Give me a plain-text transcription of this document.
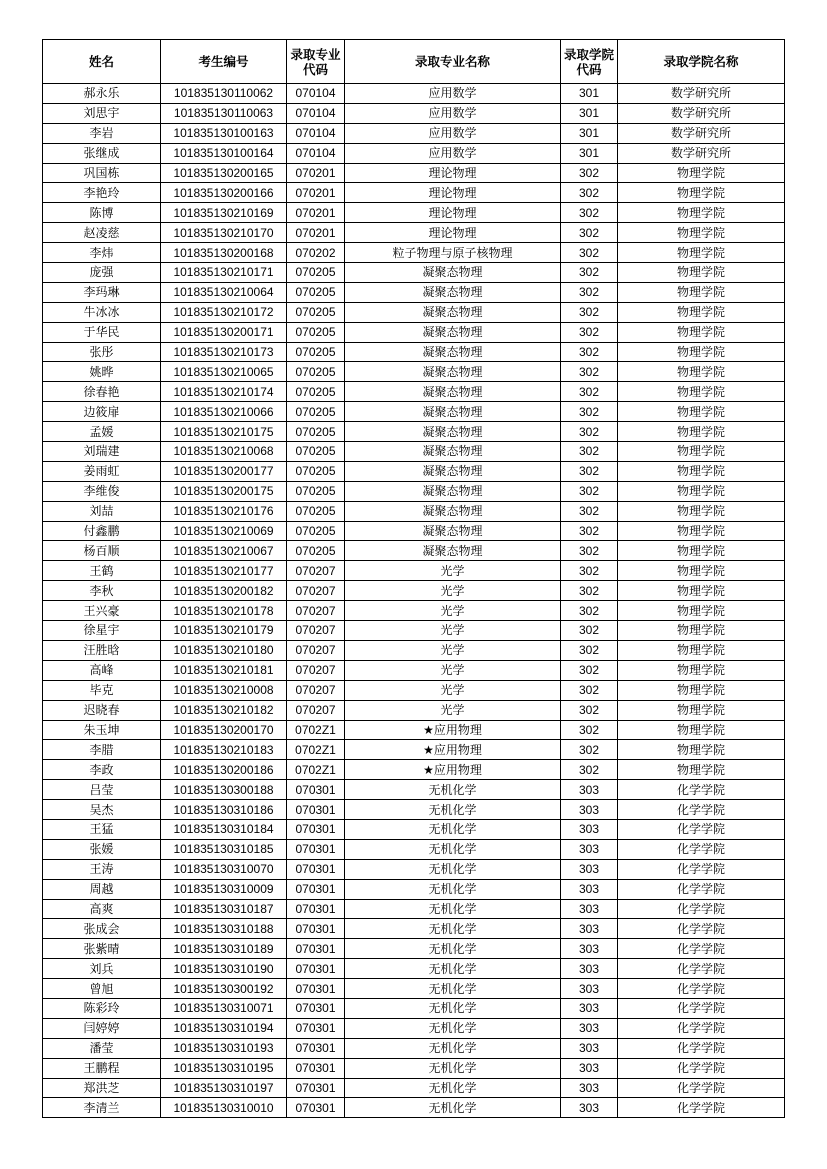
姓名	考生编号	录取专业代码	录取专业名称	录取学院代码	录取学院名称
郝永乐	101835130110062	070104	应用数学	301	数学研究所
刘思宇	101835130110063	070104	应用数学	301	数学研究所
李岩	101835130100163	070104	应用数学	301	数学研究所
张继成	101835130100164	070104	应用数学	301	数学研究所
巩国栋	101835130200165	070201	理论物理	302	物理学院
李艳玲	101835130200166	070201	理论物理	302	物理学院
陈博	101835130210169	070201	理论物理	302	物理学院
赵凌慈	101835130210170	070201	理论物理	302	物理学院
李炜	101835130200168	070202	粒子物理与原子核物理	302	物理学院
庞强	101835130210171	070205	凝聚态物理	302	物理学院
李玛琳	101835130210064	070205	凝聚态物理	302	物理学院
牛冰冰	101835130210172	070205	凝聚态物理	302	物理学院
于华民	101835130200171	070205	凝聚态物理	302	物理学院
张彤	101835130210173	070205	凝聚态物理	302	物理学院
姚晔	101835130210065	070205	凝聚态物理	302	物理学院
徐春艳	101835130210174	070205	凝聚态物理	302	物理学院
边筱扉	101835130210066	070205	凝聚态物理	302	物理学院
孟媛	101835130210175	070205	凝聚态物理	302	物理学院
刘瑞建	101835130210068	070205	凝聚态物理	302	物理学院
姜雨虹	101835130200177	070205	凝聚态物理	302	物理学院
李维俊	101835130200175	070205	凝聚态物理	302	物理学院
刘喆	101835130210176	070205	凝聚态物理	302	物理学院
付鑫鹏	101835130210069	070205	凝聚态物理	302	物理学院
杨百顺	101835130210067	070205	凝聚态物理	302	物理学院
王鹤	101835130210177	070207	光学	302	物理学院
李秋	101835130200182	070207	光学	302	物理学院
王兴豪	101835130210178	070207	光学	302	物理学院
徐星宇	101835130210179	070207	光学	302	物理学院
汪胜晗	101835130210180	070207	光学	302	物理学院
高峰	101835130210181	070207	光学	302	物理学院
毕克	101835130210008	070207	光学	302	物理学院
迟晓春	101835130210182	070207	光学	302	物理学院
朱玉坤	101835130200170	0702Z1	★应用物理	302	物理学院
李腊	101835130210183	0702Z1	★应用物理	302	物理学院
李政	101835130200186	0702Z1	★应用物理	302	物理学院
吕莹	101835130300188	070301	无机化学	303	化学学院
吴杰	101835130310186	070301	无机化学	303	化学学院
王猛	101835130310184	070301	无机化学	303	化学学院
张媛	101835130310185	070301	无机化学	303	化学学院
王涛	101835130310070	070301	无机化学	303	化学学院
周越	101835130310009	070301	无机化学	303	化学学院
高爽	101835130310187	070301	无机化学	303	化学学院
张成会	101835130310188	070301	无机化学	303	化学学院
张紫晴	101835130310189	070301	无机化学	303	化学学院
刘兵	101835130310190	070301	无机化学	303	化学学院
曾旭	101835130300192	070301	无机化学	303	化学学院
陈彩玲	101835130310071	070301	无机化学	303	化学学院
闫婷婷	101835130310194	070301	无机化学	303	化学学院
潘莹	101835130310193	070301	无机化学	303	化学学院
王鹏程	101835130310195	070301	无机化学	303	化学学院
郑洪芝	101835130310197	070301	无机化学	303	化学学院
李清兰	101835130310010	070301	无机化学	303	化学学院
